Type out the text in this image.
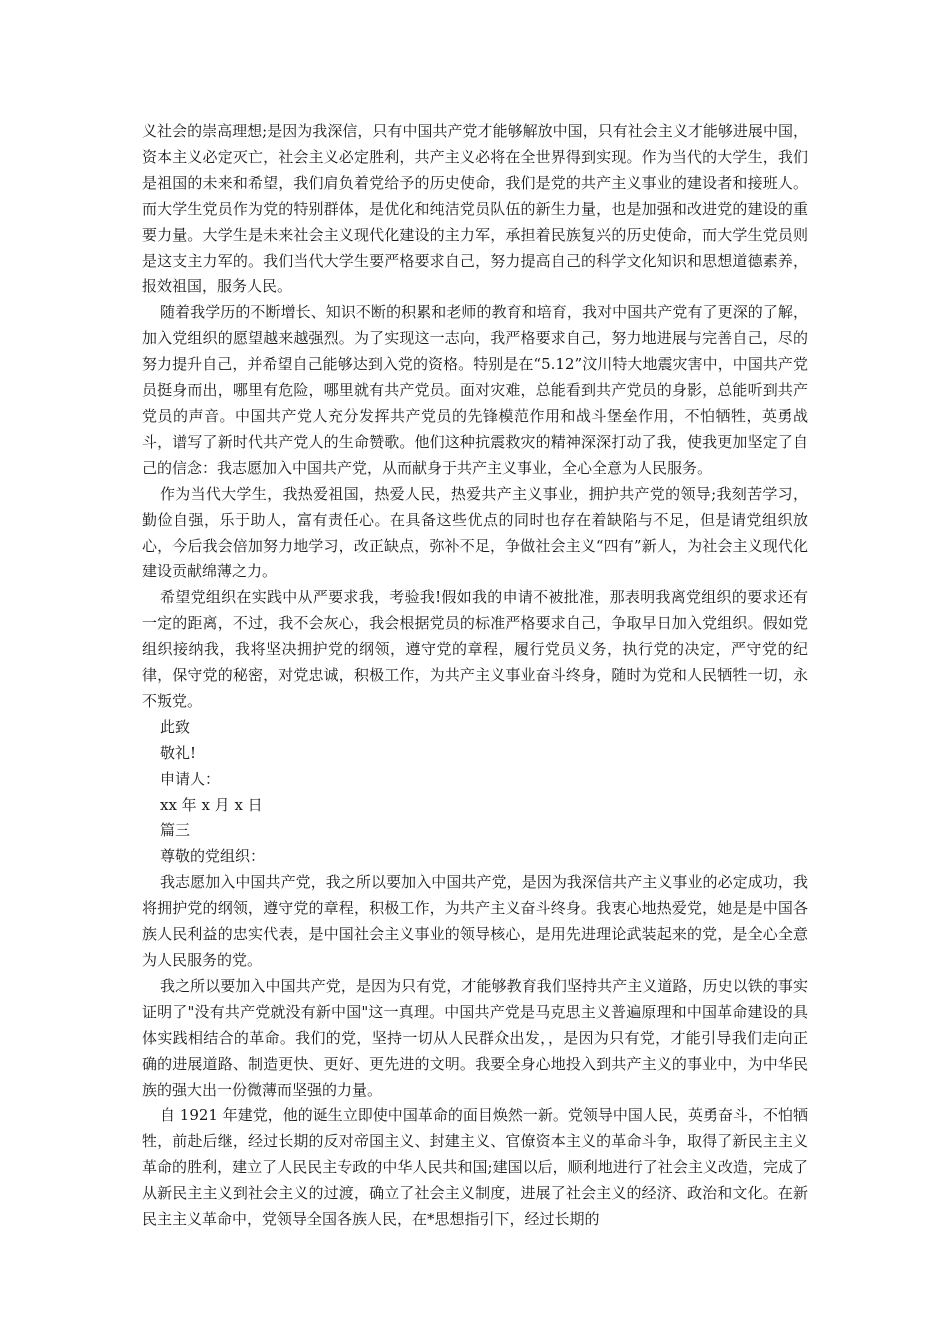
义社会的崇高理想;是因为我深信，只有中国共产党才能够解放中国，只有社会主义才能够进展中国，资本主义必定灭亡，社会主义必定胜利，共产主义必将在全世界得到实现。作为当代的大学生，我们是祖国的未来和希望，我们肩负着党给予的历史使命，我们是党的共产主义事业的建设者和接班人。而大学生党员作为党的特别群体，是优化和纯洁党员队伍的新生力量，也是加强和改进党的建设的重要力量。大学生是未来社会主义现代化建设的主力军，承担着民族复兴的历史使命，而大学生党员则是这支主力军的。我们当代大学生要严格要求自己，努力提高自己的科学文化知识和思想道德素养，报效祖国，服务人民。

随着我学历的不断增长、知识不断的积累和老师的教育和培育，我对中国共产党有了更深的了解，加入党组织的愿望越来越强烈。为了实现这一志向，我严格要求自己，努力地进展与完善自己，尽的努力提升自己，并希望自己能够达到入党的资格。特别是在“5.12”汶川特大地震灾害中，中国共产党员挺身而出，哪里有危险，哪里就有共产党员。面对灾难，总能看到共产党员的身影，总能听到共产党员的声音。中国共产党人充分发挥共产党员的先锋模范作用和战斗堡垒作用，不怕牺牲，英勇战斗，谱写了新时代共产党人的生命赞歌。他们这种抗震救灾的精神深深打动了我，使我更加坚定了自己的信念：我志愿加入中国共产党，从而献身于共产主义事业，全心全意为人民服务。

作为当代大学生，我热爱祖国，热爱人民，热爱共产主义事业，拥护共产党的领导;我刻苦学习，勤俭自强，乐于助人，富有责任心。在具备这些优点的同时也存在着缺陷与不足，但是请党组织放心，今后我会倍加努力地学习，改正缺点，弥补不足，争做社会主义“四有”新人，为社会主义现代化建设贡献绵薄之力。

希望党组织在实践中从严要求我，考验我!假如我的申请不被批准，那表明我离党组织的要求还有一定的距离，不过，我不会灰心，我会根据党员的标准严格要求自己，争取早日加入党组织。假如党组织接纳我，我将坚决拥护党的纲领，遵守党的章程，履行党员义务，执行党的决定，严守党的纪律，保守党的秘密，对党忠诚，积极工作，为共产主义事业奋斗终身，随时为党和人民牺牲一切，永不叛党。

此致

敬礼!

申请人：

xx 年 x 月 x 日

篇三

尊敬的党组织：

我志愿加入中国共产党，我之所以要加入中国共产党，是因为我深信共产主义事业的必定成功，我将拥护党的纲领，遵守党的章程，积极工作，为共产主义奋斗终身。我衷心地热爱党，她是是中国各族人民利益的忠实代表，是中国社会主义事业的领导核心，是用先进理论武装起来的党，是全心全意为人民服务的党。

我之所以要加入中国共产党，是因为只有党，才能够教育我们坚持共产主义道路，历史以铁的事实证明了"没有共产党就没有新中国"这一真理。中国共产党是马克思主义普遍原理和中国革命建设的具体实践相结合的革命。我们的党，坚持一切从人民群众出发，，是因为只有党，才能引导我们走向正确的进展道路、制造更快、更好、更先进的文明。我要全身心地投入到共产主义的事业中，为中华民族的强大出一份微薄而坚强的力量。

自 1921 年建党，他的诞生立即使中国革命的面目焕然一新。党领导中国人民，英勇奋斗，不怕牺牲，前赴后继，经过长期的反对帝国主义、封建主义、官僚资本主义的革命斗争，取得了新民主主义革命的胜利，建立了人民民主专政的中华人民共和国;建国以后，顺利地进行了社会主义改造，完成了从新民主主义到社会主义的过渡，确立了社会主义制度，进展了社会主义的经济、政治和文化。在新民主主义革命中，党领导全国各族人民，在*思想指引下，经过长期的
